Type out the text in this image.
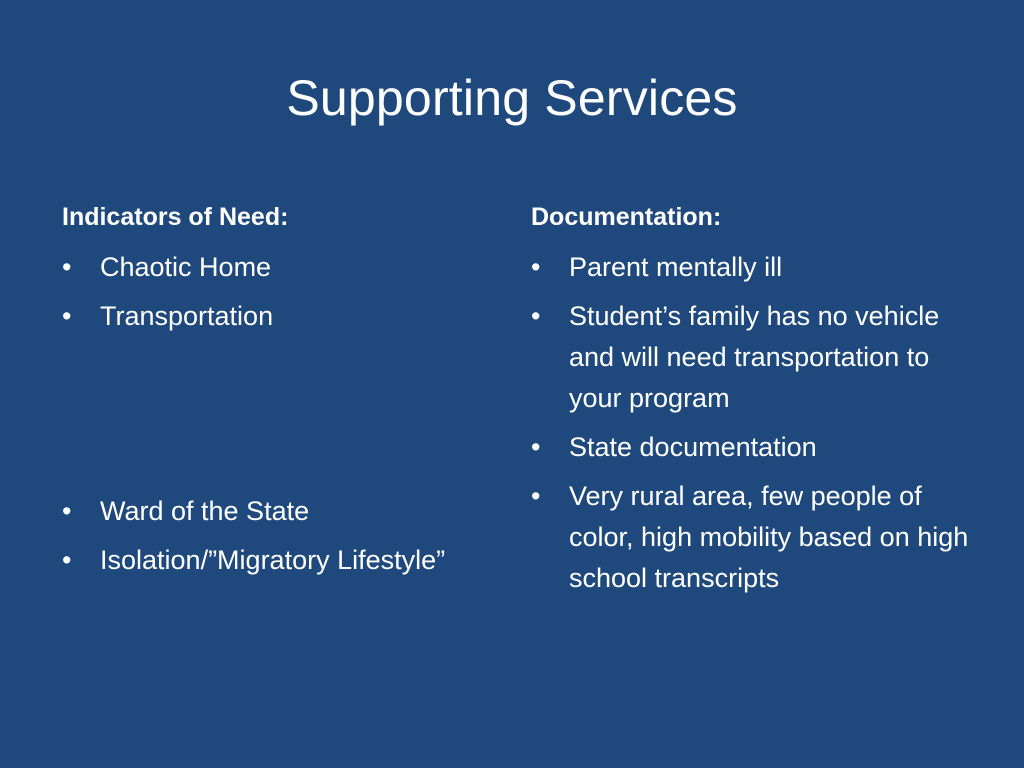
Supporting Services
Indicators of Need:
•	Chaotic Home
•	Transportation
•	Ward of the State
•	Isolation/”Migratory Lifestyle”
Documentation:
•	Parent mentally ill
•	Student’s family has no vehicle and will need transportation to your program
•	State documentation
•	Very rural area, few people of color, high mobility based on high school transcripts
